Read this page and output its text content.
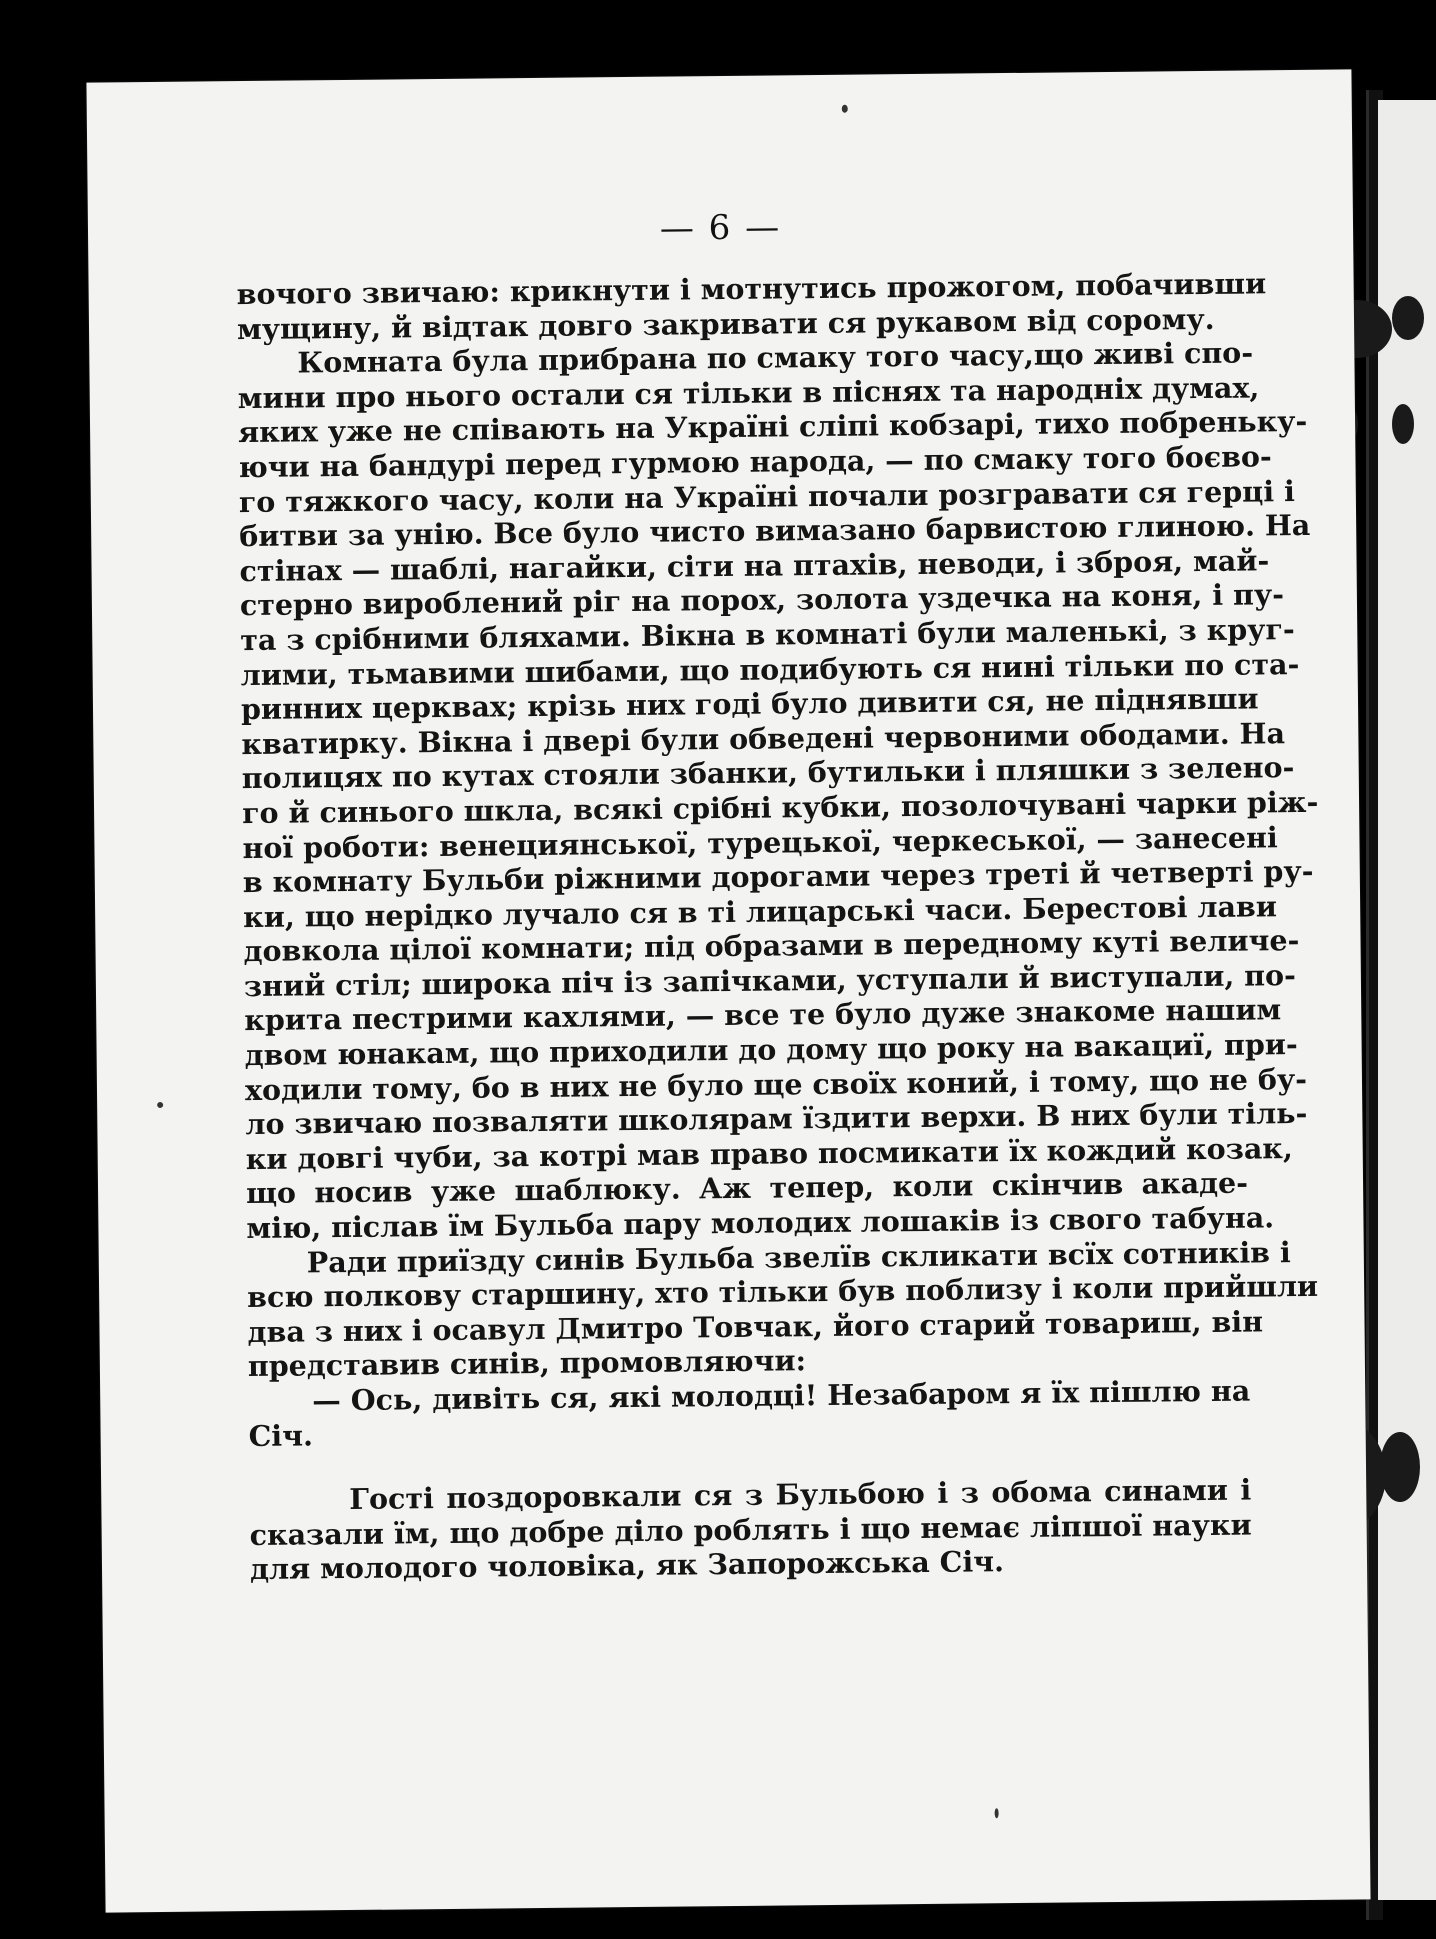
— 6 —
вочого звичаю: крикнути і мотнутись прожогом, побачивши
мущину, й відтак довго закривати ся рукавом від сорому.
Комната була прибрана по смаку того часу,що живі спо-
мини про нього остали ся тільки в піснях та народніх думах,
яких уже не співають на Україні сліпі кобзарі, тихо побреньку-
ючи на бандурі перед гурмою народа, — по смаку того боєво-
го тяжкого часу, коли на Україні почали розгравати ся герці і
битви за унію. Все було чисто вимазано барвистою глиною. На
стінах — шаблі, нагайки, сіти на птахів, неводи, і зброя, май-
стерно вироблений ріг на порох, золота уздечка на коня, і пу-
та з срібними бляхами. Вікна в комнаті були маленькі, з круг-
лими, тьмавими шибами, що подибують ся нині тільки по ста-
ринних церквах; крізь них годі було дивити ся, не піднявши
кватирку. Вікна і двері були обведені червоними ободами. На
полицях по кутах стояли збанки, бутильки і пляшки з зелено-
го й синього шкла, всякі срібні кубки, позолочувані чарки ріж-
ної роботи: венециянської, турецької, черкеської, — занесені
в комнату Бульби ріжними дорогами через треті й четверті ру-
ки, що нерідко лучало ся в ті лицарські часи. Берестові лави
довкола цілої комнати; під образами в передному куті величе-
зний стіл; широка піч із запічками, уступали й виступали, по-
крита пестрими кахлями, — все те було дуже знакоме нашим
двом юнакам, що приходили до дому що року на вакациї, при-
ходили тому, бо в них не було ще своїх коний, і тому, що не бу-
ло звичаю позваляти школярам їздити верхи. В них були тіль-
ки довгі чуби, за котрі мав право посмикати їх кождий козак,
що носив уже шаблюку. Аж тепер, коли скінчив акаде-
мію, післав їм Бульба пару молодих лошаків із свого табуна.
Ради приїзду синів Бульба звелїв скликати всїх сотників і
всю полкову старшину, хто тільки був поблизу і коли прийшли
два з них і осавул Дмитро Товчак, його старий товариш, він
представив синів, промовляючи:
— Ось, дивіть ся, які молодці! Незабаром я їх пішлю на
Січ.
Гості поздоровкали ся з Бульбою і з обома синами і
сказали їм, що добре діло роблять і що немає ліпшої науки
для молодого чоловіка, як Запорожська Січ.
